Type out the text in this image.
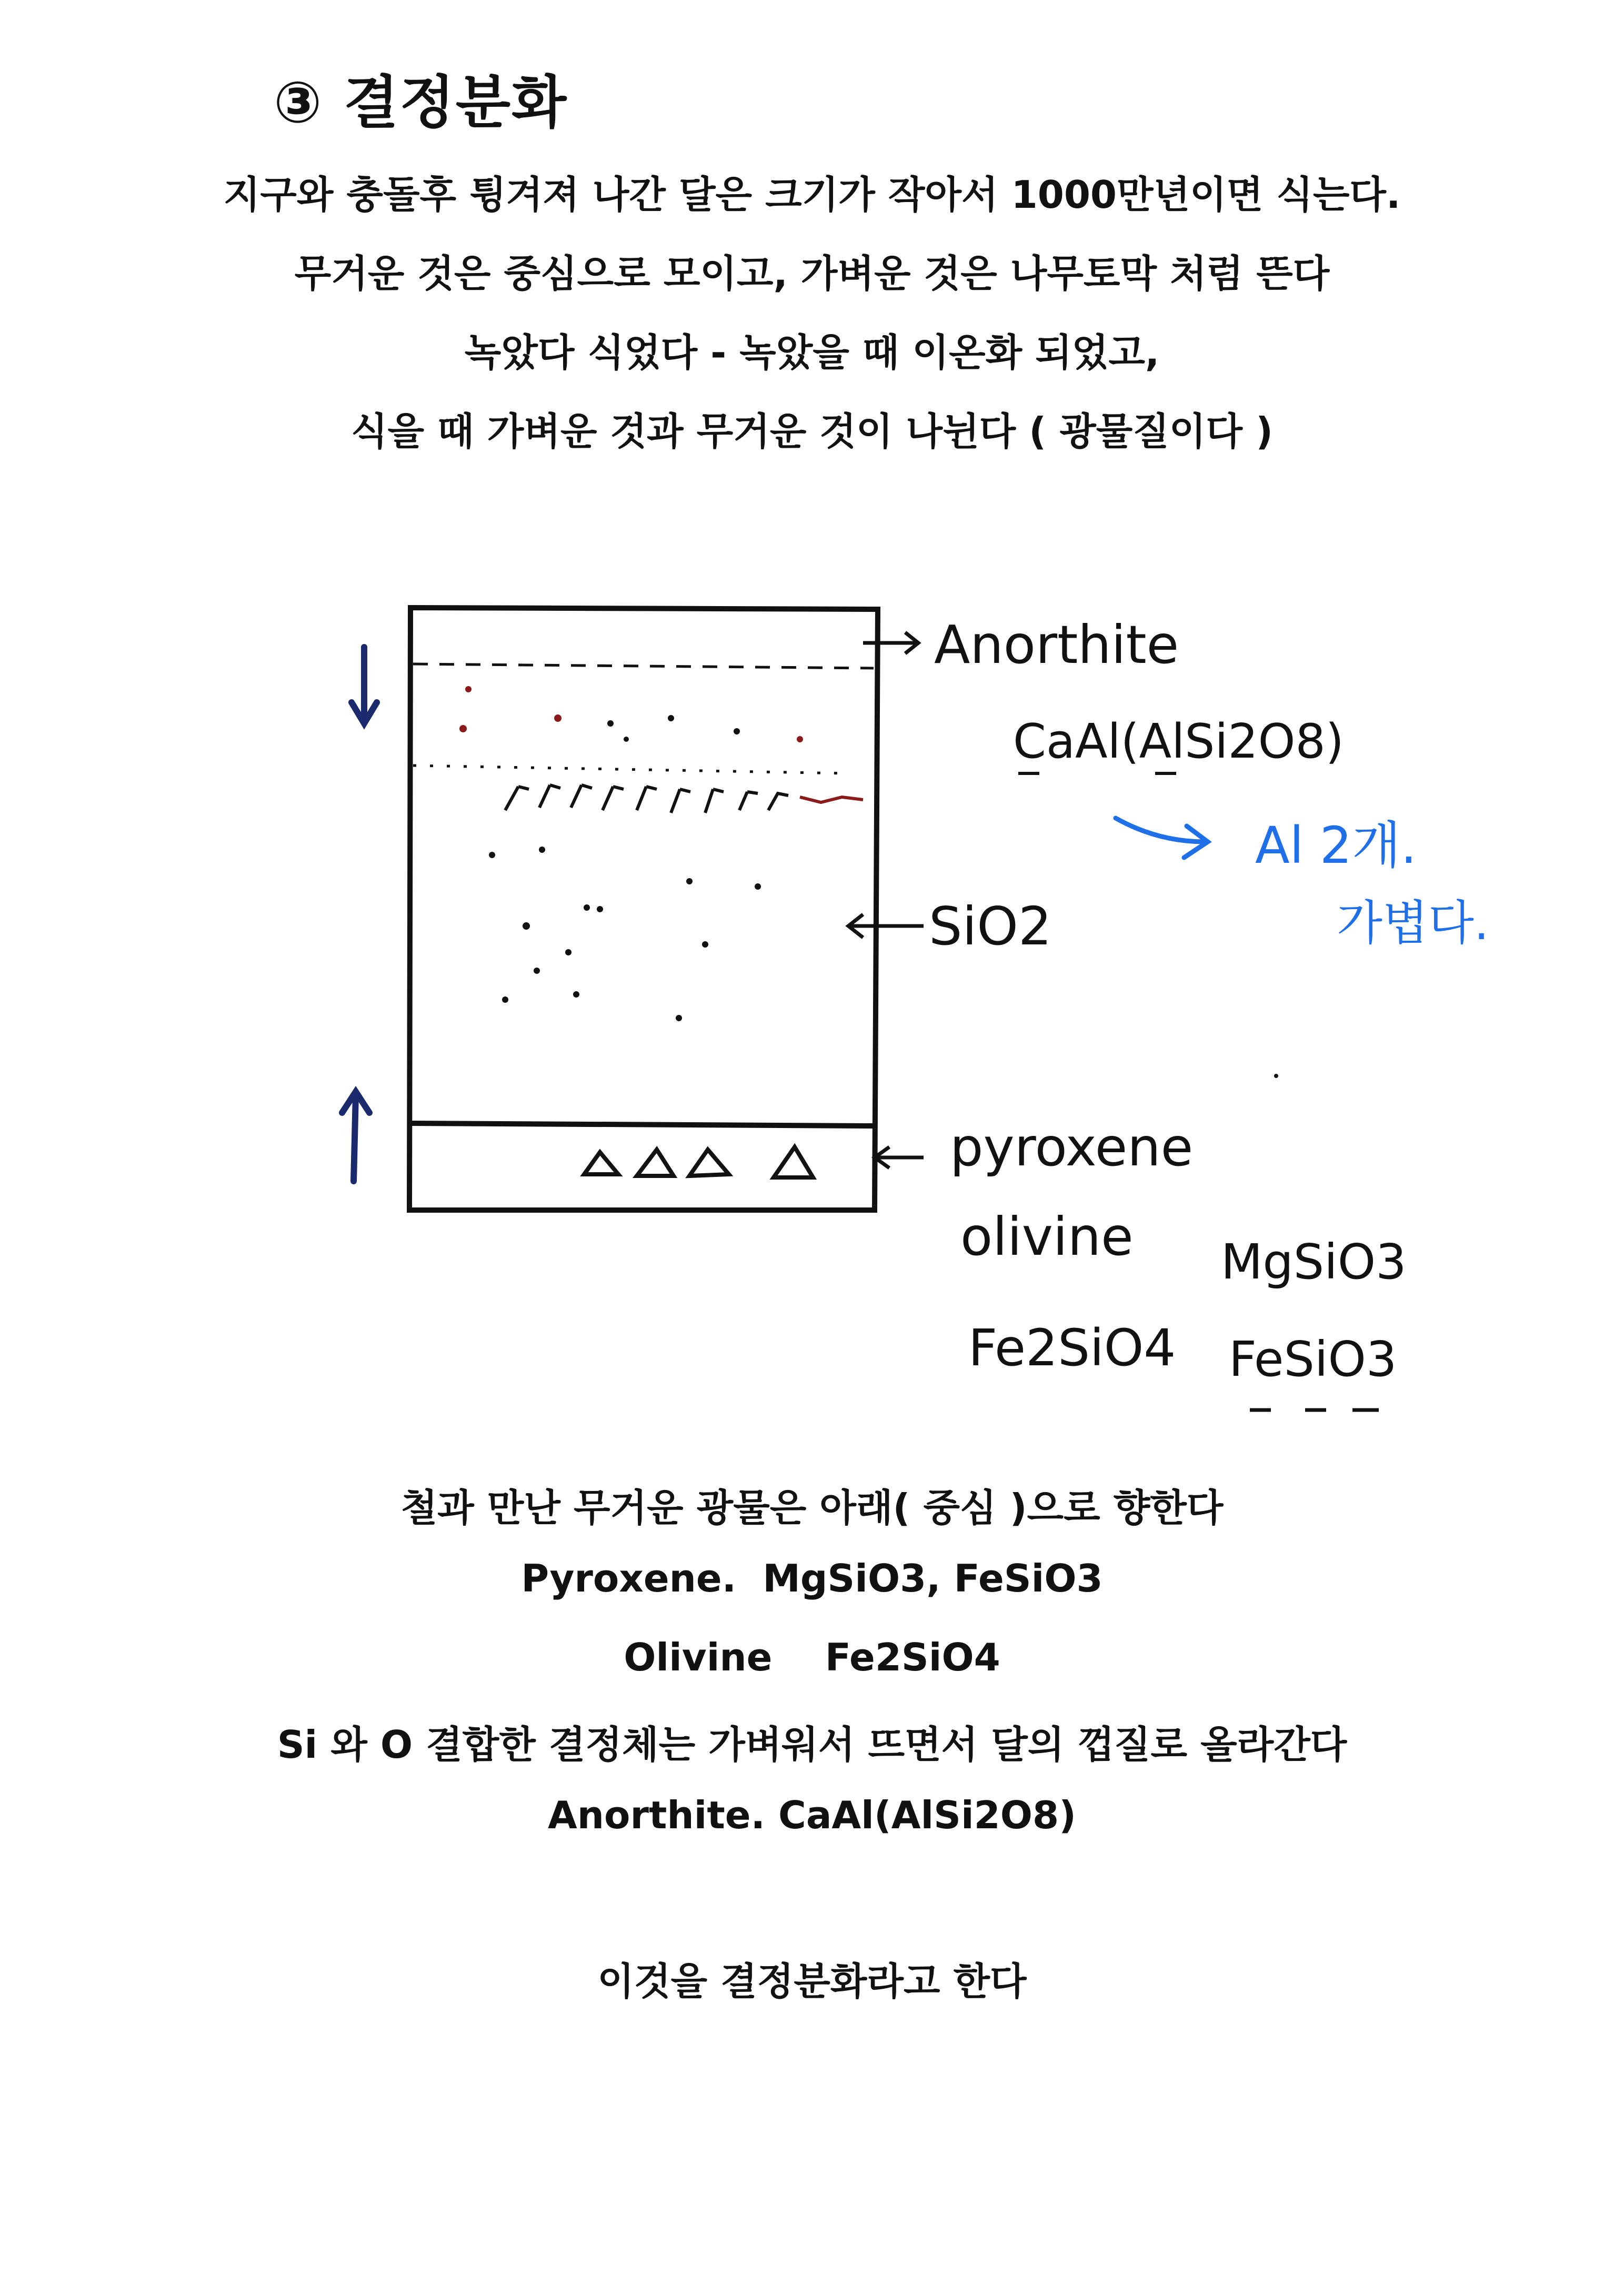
③ 결정분화
지구와 충돌후 튕겨져 나간 달은 크기가 작아서 1000만년이면 식는다.
무거운 것은 중심으로 모이고, 가벼운 것은 나무토막 처럼 뜬다
녹았다 식었다 - 녹았을 때 이온화 되었고,
식을 때 가벼운 것과 무거운 것이 나뉜다 ( 광물질이다 )
Anorthite
CaAl(AlSi2O8)
Al 2개.
가볍다.
SiO2
pyroxene
olivine
Fe2SiO4
MgSiO3
FeSiO3
철과 만난 무거운 광물은 아래( 중심 )으로 향한다
Pyroxene.  MgSiO3, FeSiO3
Olivine    Fe2SiO4
Si 와 O 결합한 결정체는 가벼워서 뜨면서 달의 껍질로 올라간다
Anorthite. CaAl(AlSi2O8)
이것을 결정분화라고 한다
